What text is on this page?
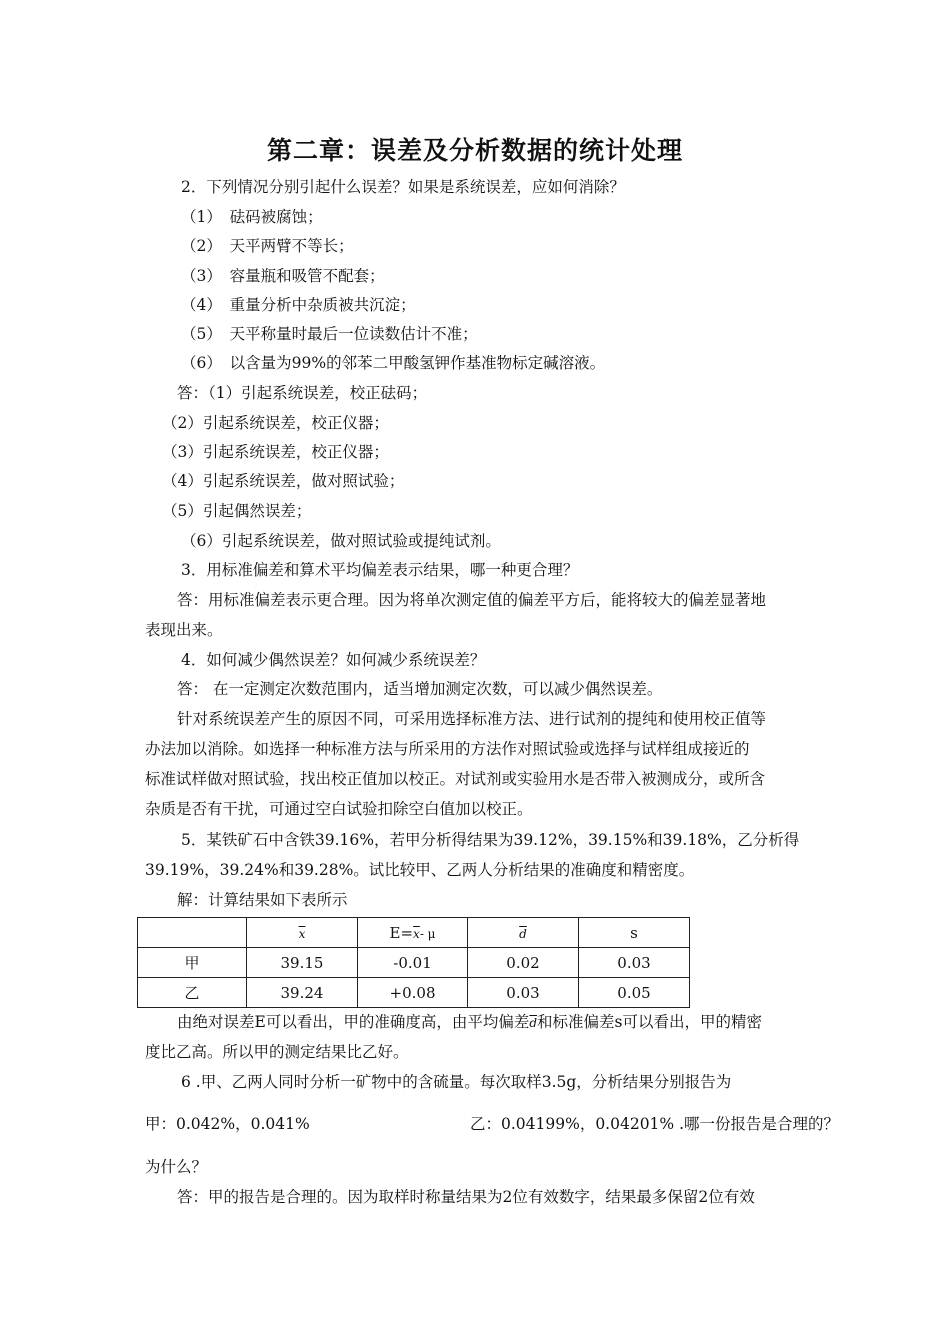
第二章：误差及分析数据的统计处理

2．下列情况分别引起什么误差？如果是系统误差，应如何消除？

（1）　砝码被腐蚀；

（2）　天平两臂不等长；

（3）　容量瓶和吸管不配套；

（4）　重量分析中杂质被共沉淀；

（5）　天平称量时最后一位读数估计不准；

（6）　以含量为99%的邻苯二甲酸氢钾作基准物标定碱溶液。

答：（1）引起系统误差，校正砝码；

（2）引起系统误差，校正仪器；

（3）引起系统误差，校正仪器；

（4）引起系统误差，做对照试验；

（5）引起偶然误差；

（6）引起系统误差，做对照试验或提纯试剂。

3．用标准偏差和算术平均偏差表示结果，哪一种更合理？

答：用标准偏差表示更合理。因为将单次测定值的偏差平方后，能将较大的偏差显著地

表现出来。

4．如何减少偶然误差？如何减少系统误差？

答： 在一定测定次数范围内，适当增加测定次数，可以减少偶然误差。

针对系统误差产生的原因不同，可采用选择标准方法、进行试剂的提纯和使用校正值等

办法加以消除。如选择一种标准方法与所采用的方法作对照试验或选择与试样组成接近的

标准试样做对照试验，找出校正值加以校正。对试剂或实验用水是否带入被测成分，或所含

杂质是否有干扰，可通过空白试验扣除空白值加以校正。

5．某铁矿石中含铁39.16%，若甲分析得结果为39.12%，39.15%和39.18%，乙分析得

39.19%，39.24%和39.28%。试比较甲、乙两人分析结果的准确度和精密度。

解：计算结果如下表所示

	$\overline{x}$	$E=\overline{x}-$ μ	$\overline{d}$	s
甲	39.15	-0.01	0.02	0.03
乙	39.24	+0.08	0.03	0.05

由绝对误差E可以看出，甲的准确度高，由平均偏差$\overline{d}$和标准偏差s可以看出，甲的精密

度比乙高。所以甲的测定结果比乙好。

6 .甲、乙两人同时分析一矿物中的含硫量。每次取样3.5g，分析结果分别报告为

甲：0.042%，0.041%	乙：0.04199%，0.04201% .哪一份报告是合理的？

为什么？

答：甲的报告是合理的。因为取样时称量结果为2位有效数字，结果最多保留2位有效
